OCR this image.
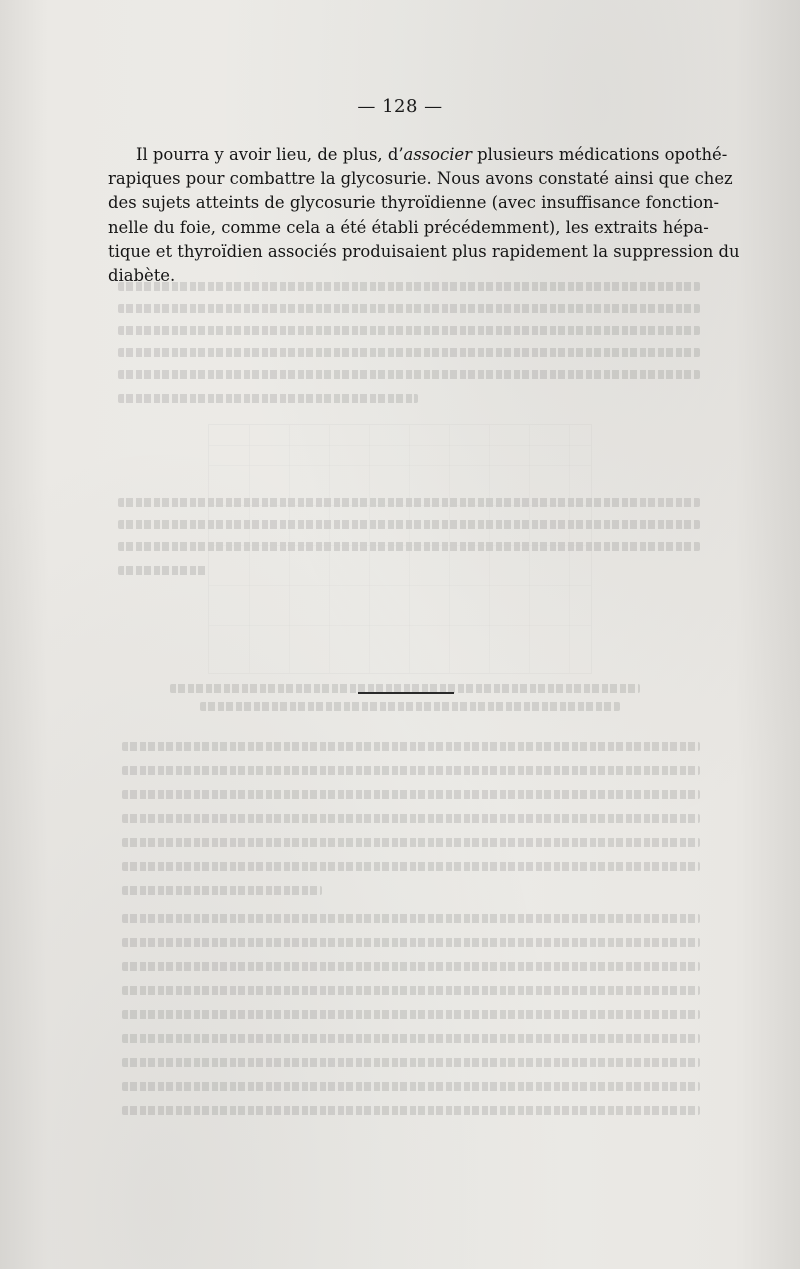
— 128 —

Il pourra y avoir lieu, de plus, d’associer plusieurs médications opothé-
rapiques pour combattre la glycosurie. Nous avons constaté ainsi que chez
des sujets atteints de glycosurie thyroïdienne (avec insuffisance fonction-
nelle du foie, comme cela a été établi précédemment), les extraits hépa-
tique et thyroïdien associés produisaient plus rapidement la suppression du
diabète.
